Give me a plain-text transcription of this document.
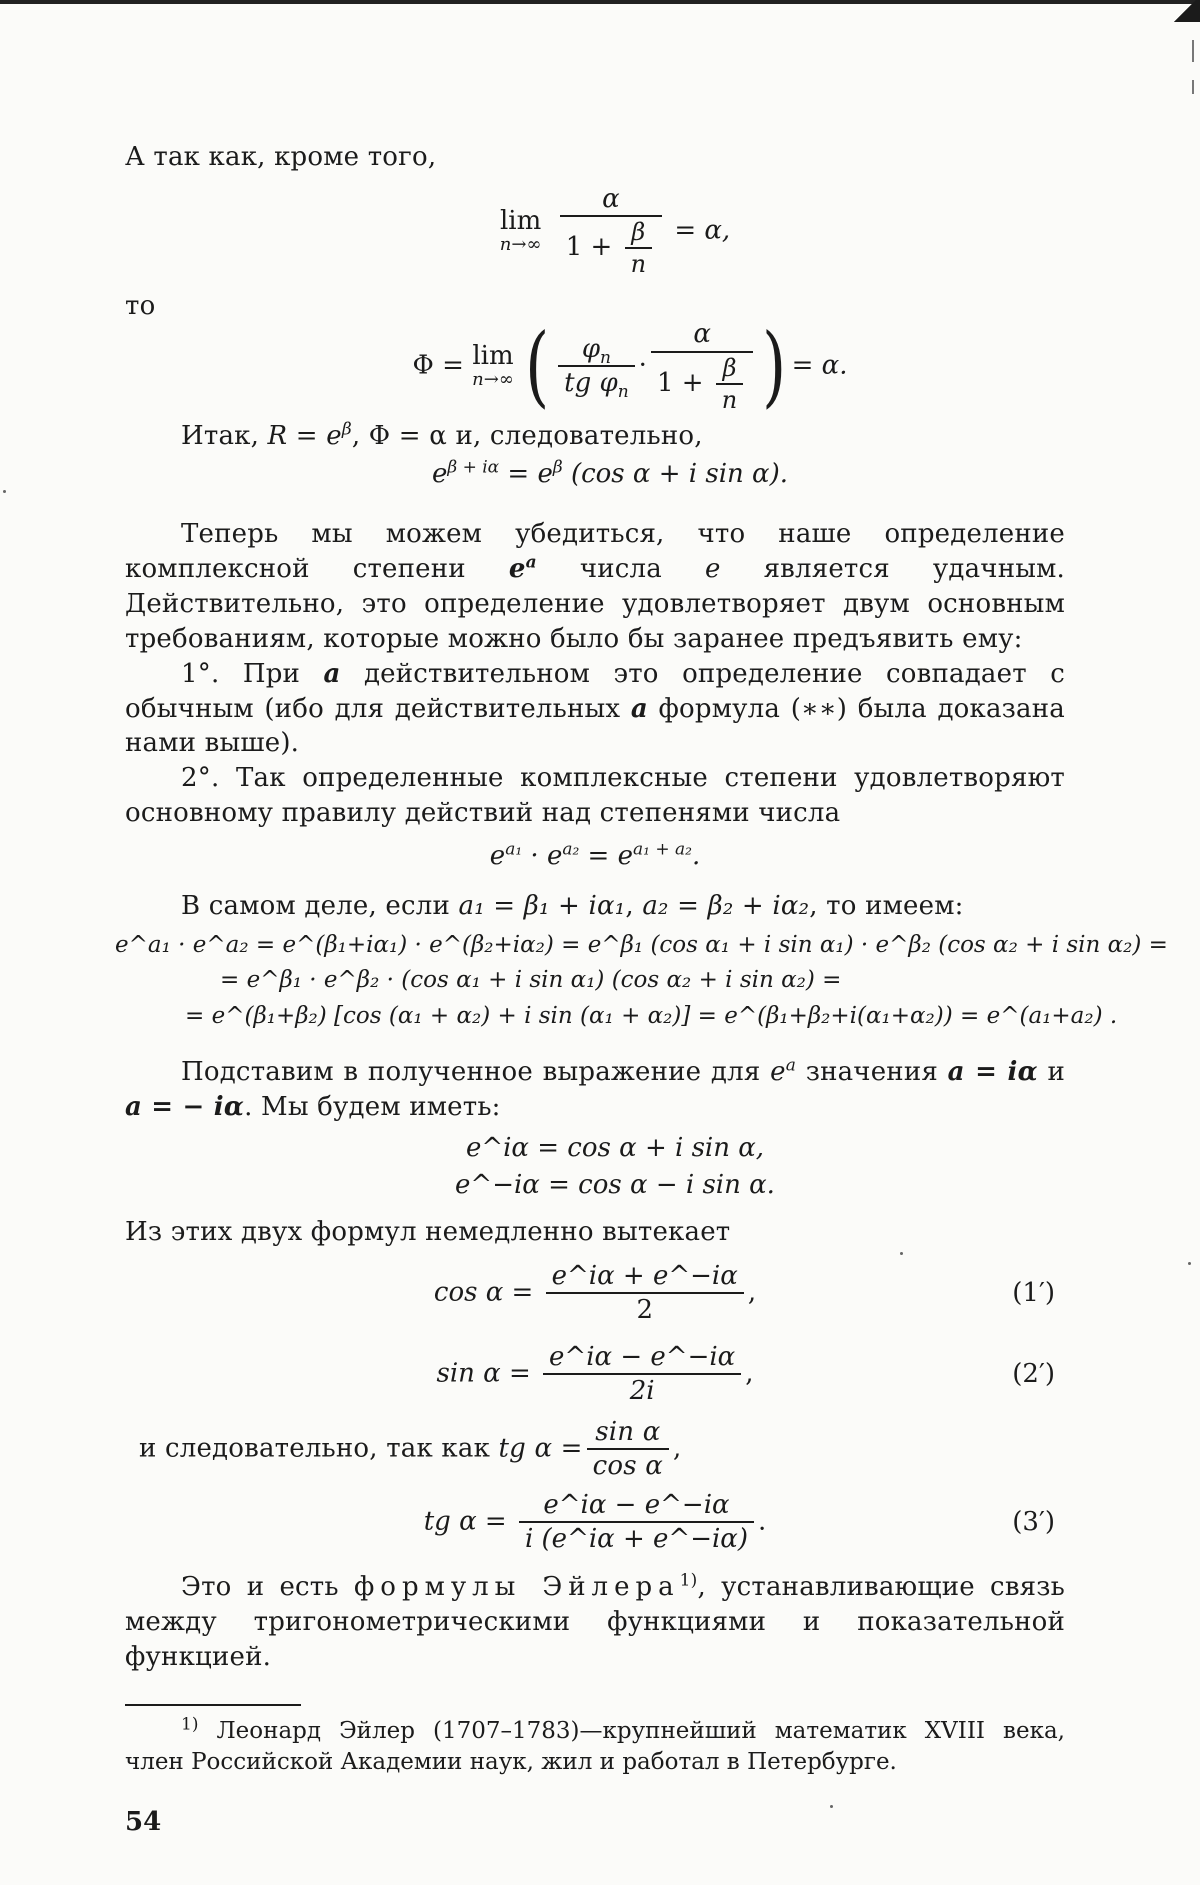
А так как, кроме того,

lim
n→∞
$\frac{\alpha}{1 + \frac{\beta}{n}} = \alpha$,

то

Φ = lim
n→∞ ( $\frac{\varphi_n}{tg \varphi_n} \cdot \frac{\alpha}{1 + \frac{\beta}{n}}$ ) = α.

Итак, $R = e^\beta$, Φ = α и, следовательно,

$e^{\beta + i\alpha} = e^\beta$ (cos α + i sin α).

Теперь мы можем убедиться, что наше определение комплексной степени $e^a$ числа e является удачным. Действительно, это определение удовлетворяет двум основным требованиям, которые можно было бы заранее предъявить ему:

1°. При a действительном это определение совпадает с обычным (ибо для действительных a формула (∗∗) была доказана нами выше).

2°. Так определенные комплексные степени удовлетворяют основному правилу действий над степенями числа

$e^{a_1} \cdot e^{a_2} = e^{a_1 + a_2}$.

В самом деле, если a₁ = β₁ + iα₁, a₂ = β₂ + iα₂, то имеем:

e^a₁ · e^a₂ = e^(β₁+iα₁) · e^(β₂+iα₂) = e^β₁ (cos α₁ + i sin α₁) · e^β₂ (cos α₂ + i sin α₂) =
= e^β₁ · e^β₂ · (cos α₁ + i sin α₁) (cos α₂ + i sin α₂) =
= e^(β₁+β₂) [cos (α₁ + α₂) + i sin (α₁ + α₂)] = e^(β₁+β₂+i(α₁+α₂)) = e^(a₁+a₂) .

Подставим в полученное выражение для $e^a$ значения a = iα и a = − iα. Мы будем иметь:

e^iα = cos α + i sin α,
e^−iα = cos α − i sin α.

Из этих двух формул немедленно вытекает

$\cos \alpha = \frac{e\^{}i\alpha + e\^{}-i\alpha}{2}$ ,	(1′)
$\sin \alpha = \frac{e\^{}i\alpha - e\^{}-i\alpha}{2i}$ ,	(2′)

и следовательно, так как tg $\alpha = \frac{\text{sin α}}{\text{cos α}}$ ,

tg $\alpha = \frac{e\^{}i\alpha - e\^{}-i\alpha}{i (e\^{}i\alpha + e\^{}-i\alpha)}$ .	(3′)

Это и есть формулы Эйлера$^{1)}$, устанавливающие связь между тригонометрическими функциями и показательной функцией.

$^{1)}$ Леонард Эйлер (1707–1783)—крупнейший математик XVIII века, член Российской Академии наук, жил и работал в Петербурге.

54
